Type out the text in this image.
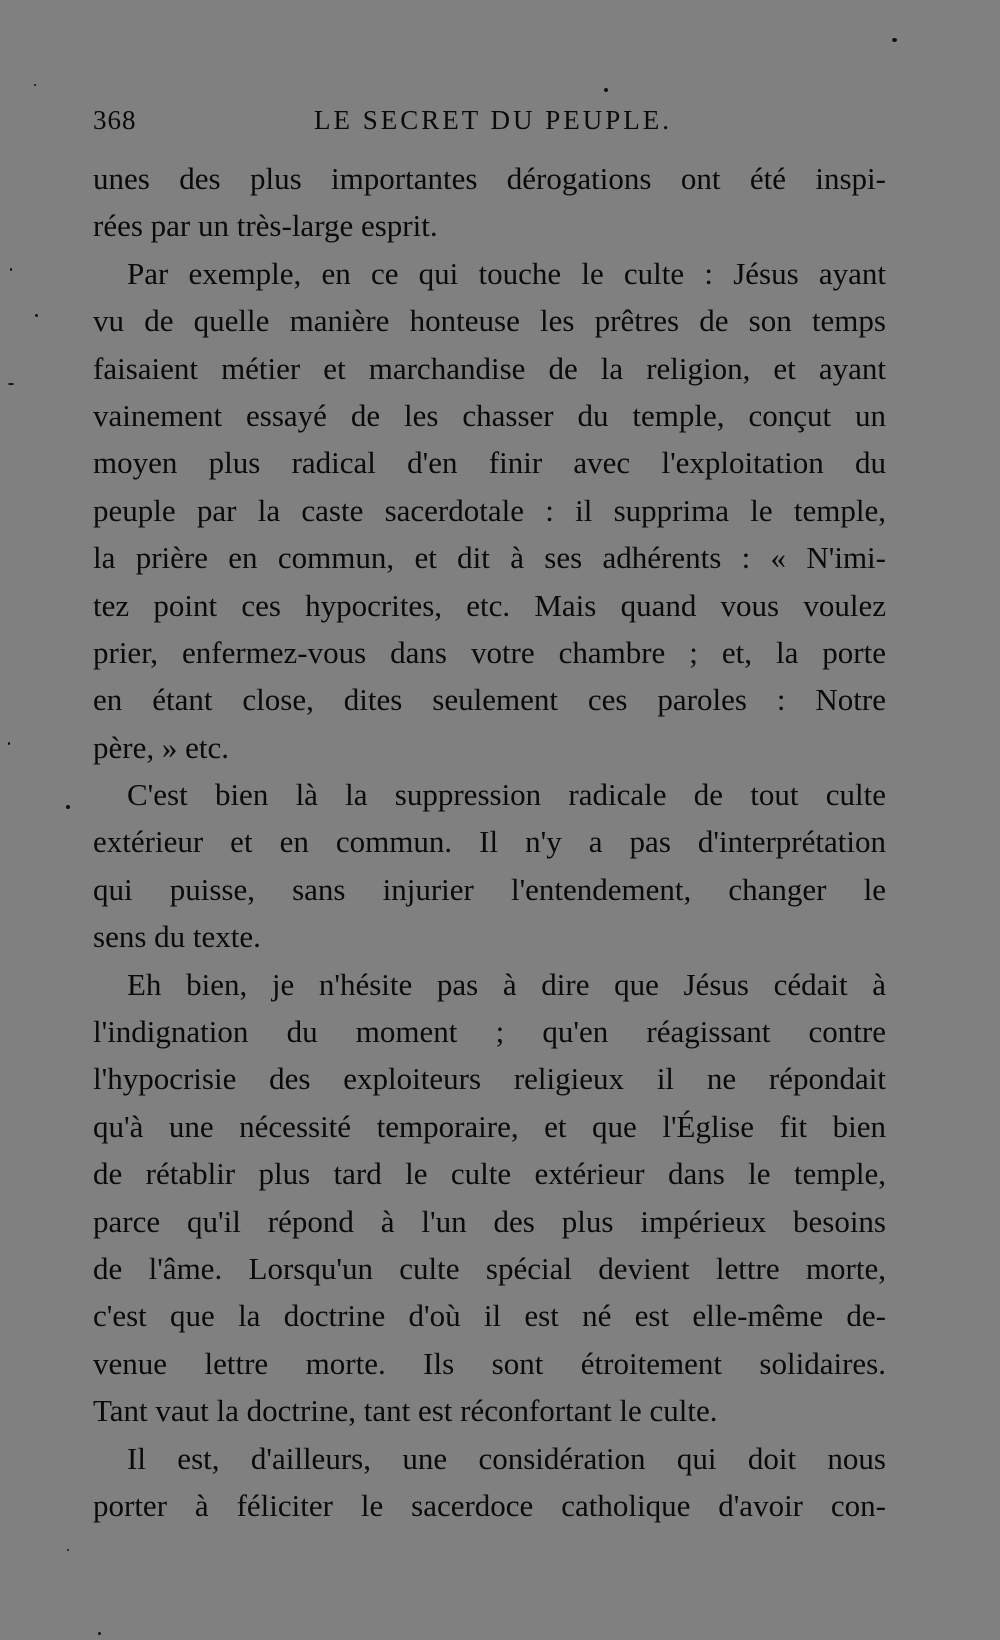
368	LE SECRET DU PEUPLE.
unes des plus importantes dérogations ont été inspi-
rées par un très-large esprit.
Par exemple, en ce qui touche le culte : Jésus ayant
vu de quelle manière honteuse les prêtres de son temps
faisaient métier et marchandise de la religion, et ayant
vainement essayé de les chasser du temple, conçut un
moyen plus radical d'en finir avec l'exploitation du
peuple par la caste sacerdotale : il supprima le temple,
la prière en commun, et dit à ses adhérents : « N'imi-
tez point ces hypocrites, etc. Mais quand vous voulez
prier, enfermez-vous dans votre chambre ; et, la porte
en étant close, dites seulement ces paroles : Notre
père, » etc.
C'est bien là la suppression radicale de tout culte
extérieur et en commun. Il n'y a pas d'interprétation
qui puisse, sans injurier l'entendement, changer le
sens du texte.
Eh bien, je n'hésite pas à dire que Jésus cédait à
l'indignation du moment ; qu'en réagissant contre
l'hypocrisie des exploiteurs religieux il ne répondait
qu'à une nécessité temporaire, et que l'Église fit bien
de rétablir plus tard le culte extérieur dans le temple,
parce qu'il répond à l'un des plus impérieux besoins
de l'âme. Lorsqu'un culte spécial devient lettre morte,
c'est que la doctrine d'où il est né est elle-même de-
venue lettre morte. Ils sont étroitement solidaires.
Tant vaut la doctrine, tant est réconfortant le culte.
Il est, d'ailleurs, une considération qui doit nous
porter à féliciter le sacerdoce catholique d'avoir con-
